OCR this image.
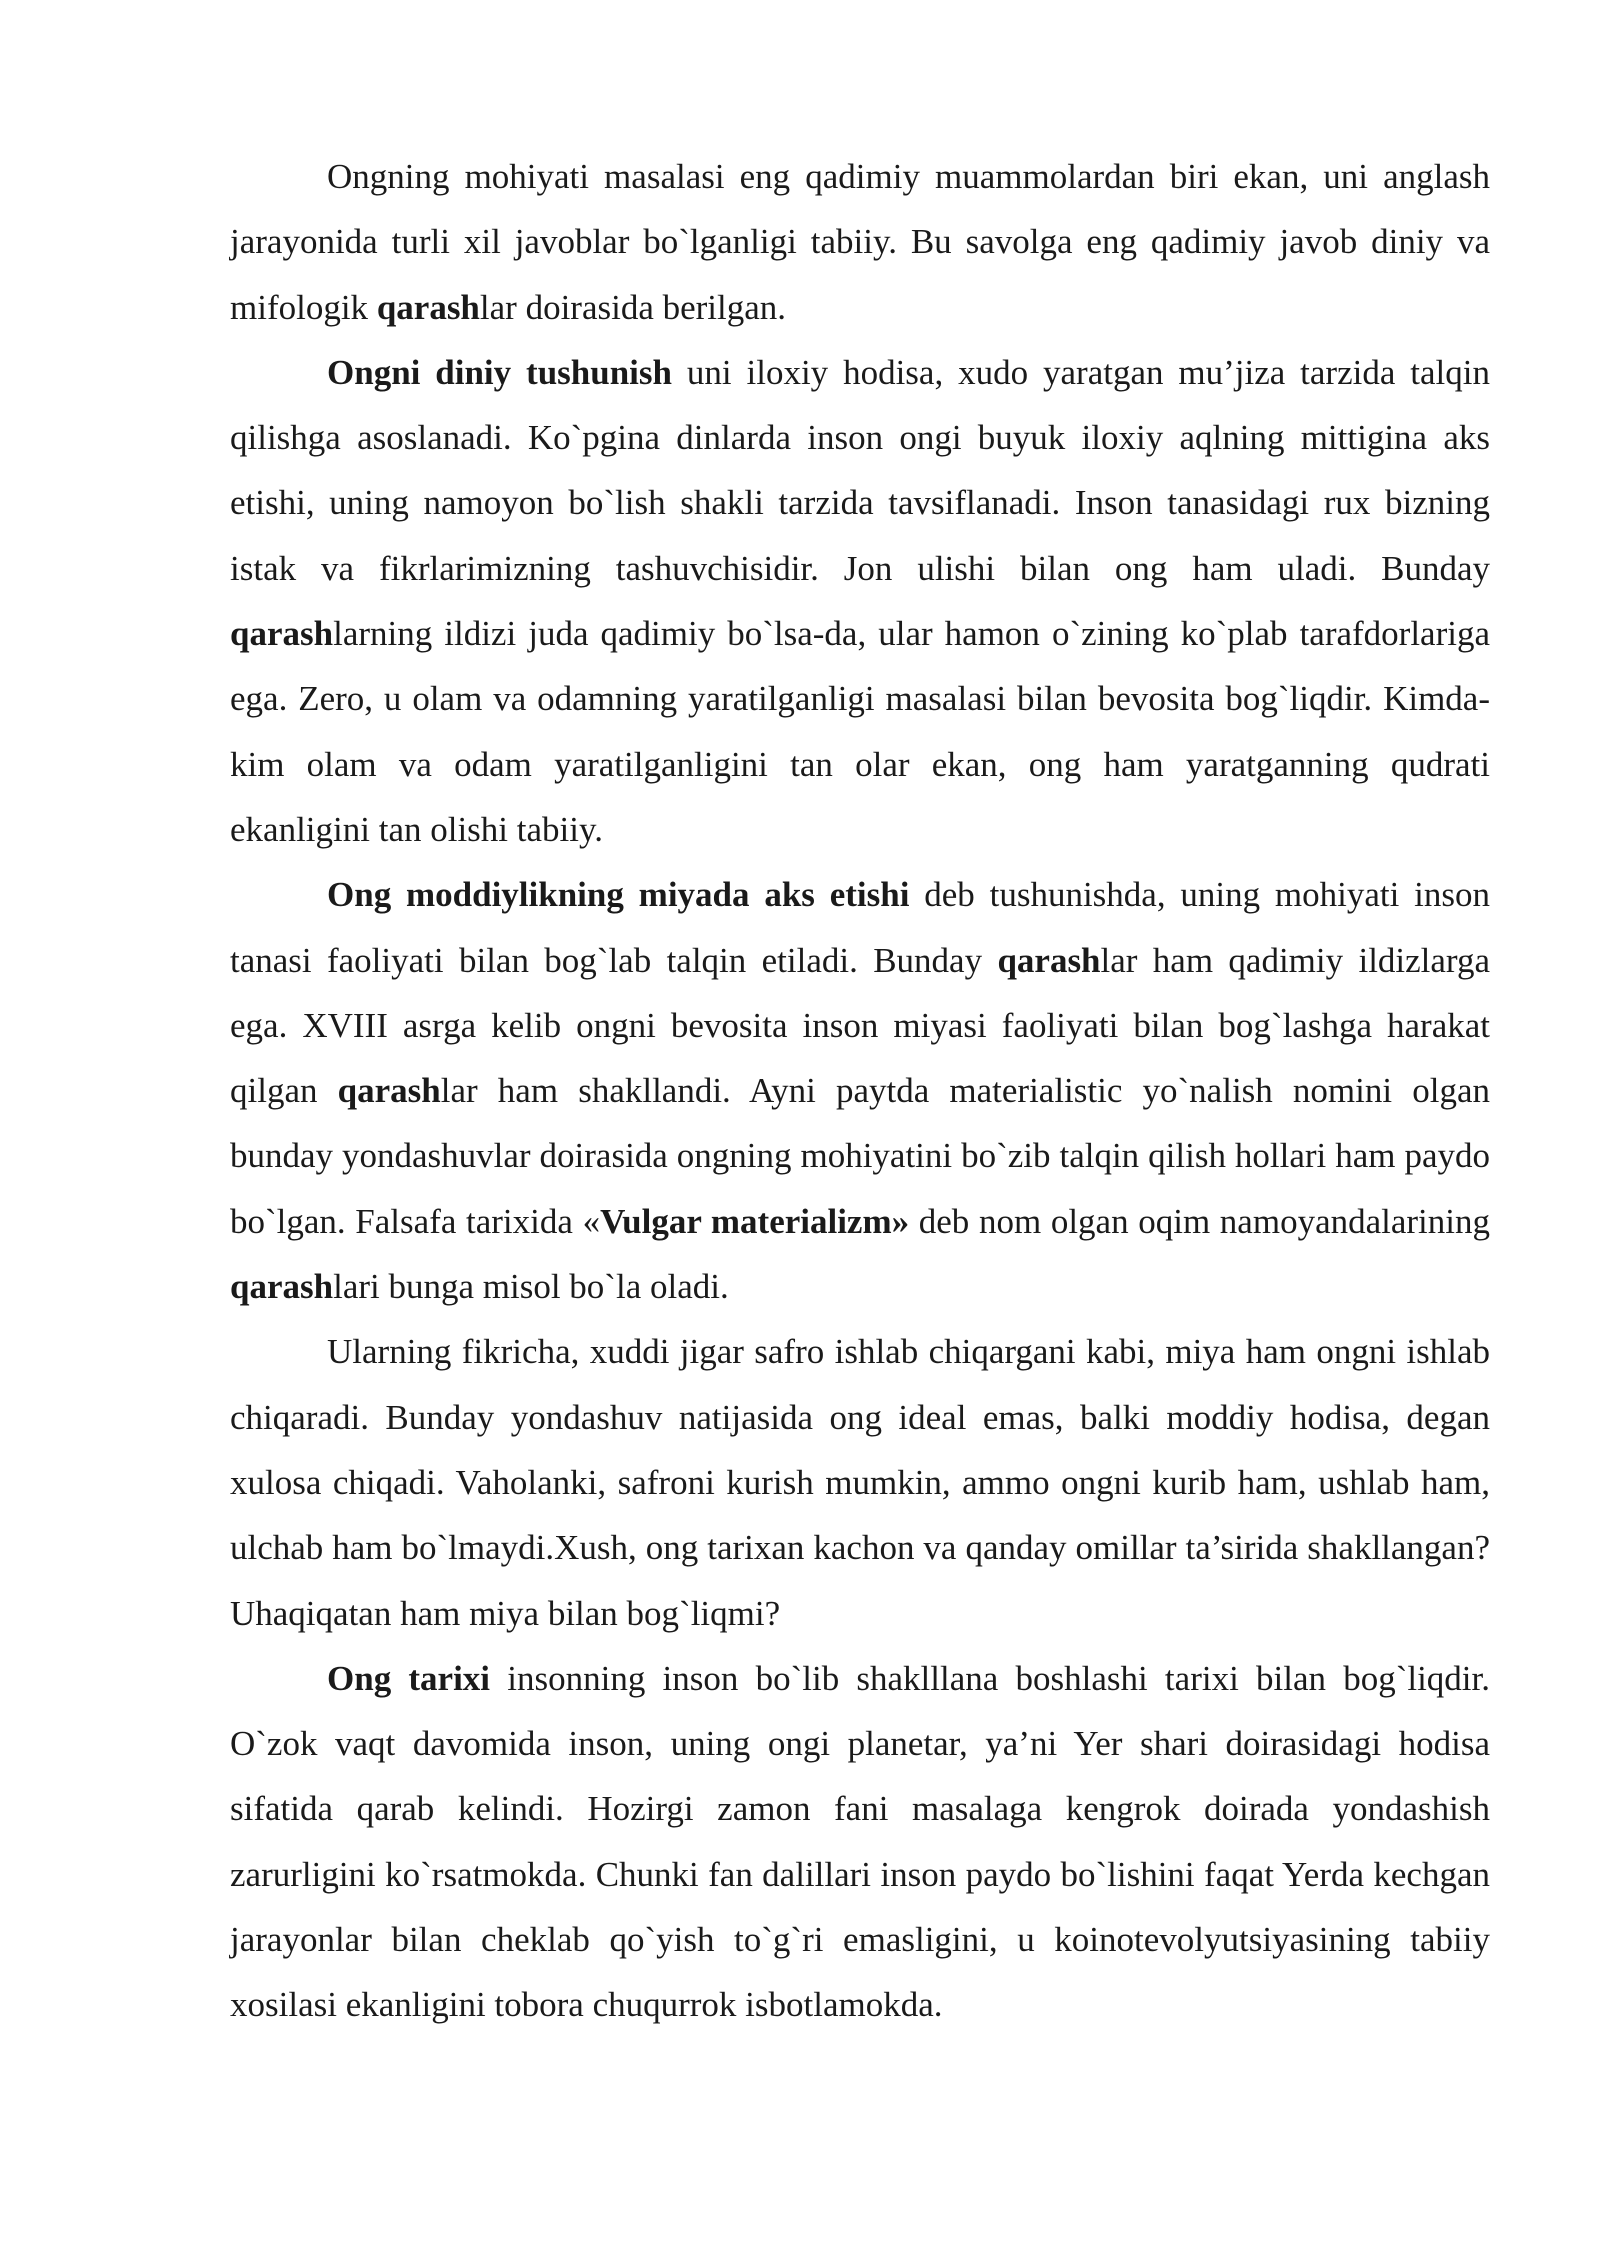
Ongning mohiyati masalasi eng qadimiy muammolardan biri ekan, uni anglash jarayonida turli xil javoblar bo`lganligi tabiiy. Bu savolga eng qadimiy javob diniy va mifologik qarashlar doirasida berilgan.

Ongni diniy tushunish uni iloxiy hodisa, xudo yaratgan mu’jiza tarzida talqin qilishga asoslanadi. Ko`pgina dinlarda inson ongi buyuk iloxiy aqlning mittigina aks etishi, uning namoyon bo`lish shakli tarzida tavsiflanadi. Inson tanasidagi rux bizning istak va fikrlarimizning tashuvchisidir. Jon ulishi bilan ong ham uladi. Bunday qarashlarning ildizi juda qadimiy bo`lsa-da, ular hamon o`zining ko`plab tarafdorlariga ega. Zero, u olam va odamning yaratilganligi masalasi bilan bevosita bog`liqdir. Kimda-kim olam va odam yaratilganligini tan olar ekan, ong ham yaratganning qudrati ekanligini tan olishi tabiiy.

Ong moddiylikning miyada aks etishi deb tushunishda, uning mohiyati inson tanasi faoliyati bilan bog`lab talqin etiladi. Bunday qarashlar ham qadimiy ildizlarga ega. XVIII asrga kelib ongni bevosita inson miyasi faoliyati bilan bog`lashga harakat qilgan qarashlar ham shakllandi. Ayni paytda materialistic yo`nalish nomini olgan bunday yondashuvlar doirasida ongning mohiyatini bo`zib talqin qilish hollari ham paydo bo`lgan. Falsafa tarixida «Vulgar materializm» deb nom olgan oqim namoyandalarining qarashlari bunga misol bo`la oladi.

Ularning fikricha, xuddi jigar safro ishlab chiqargani kabi, miya ham ongni ishlab chiqaradi. Bunday yondashuv natijasida ong ideal emas, balki moddiy hodisa, degan xulosa chiqadi. Vaholanki, safroni kurish mumkin, ammo ongni kurib ham, ushlab ham, ulchab ham bo`lmaydi.Xush, ong tarixan kachon va qanday omillar ta’sirida shakllangan? Uhaqiqatan ham miya bilan bog`liqmi?

Ong tarixi insonning inson bo`lib shaklllana boshlashi tarixi bilan bog`liqdir. O`zok vaqt davomida inson, uning ongi planetar, ya’ni Yer shari doirasidagi hodisa sifatida qarab kelindi. Hozirgi zamon fani masalaga kengrok doirada yondashish zarurligini ko`rsatmokda. Chunki fan dalillari inson paydo bo`lishini faqat Yerda kechgan jarayonlar bilan cheklab qo`yish to`g`ri emasligini, u koinotevolyutsiyasining tabiiy xosilasi ekanligini tobora chuqurrok isbotlamokda.
